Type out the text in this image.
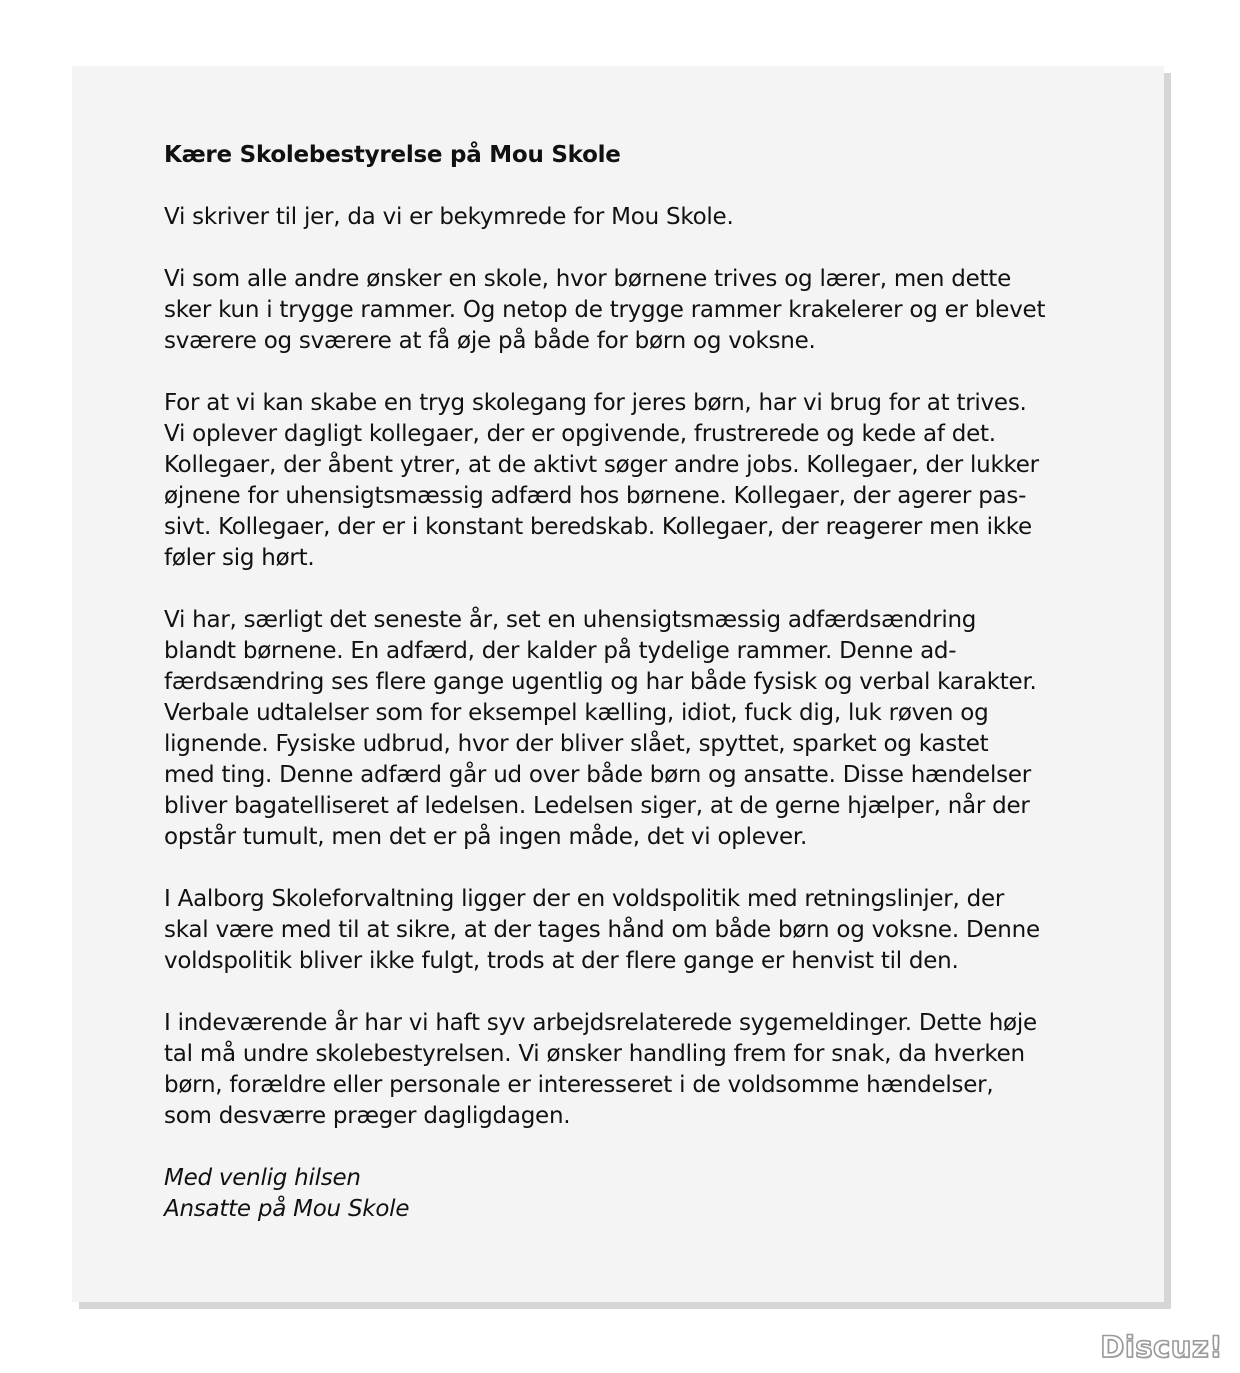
Kære Skolebestyrelse på Mou Skole

Vi skriver til jer, da vi er bekymrede for Mou Skole.

Vi som alle andre ønsker en skole, hvor børnene trives og lærer, men dette
sker kun i trygge rammer. Og netop de trygge rammer krakelerer og er blevet
sværere og sværere at få øje på både for børn og voksne.

For at vi kan skabe en tryg skolegang for jeres børn, har vi brug for at trives.
Vi oplever dagligt kollegaer, der er opgivende, frustrerede og kede af det.
Kollegaer, der åbent ytrer, at de aktivt søger andre jobs. Kollegaer, der lukker
øjnene for uhensigtsmæssig adfærd hos børnene. Kollegaer, der agerer pas-
sivt. Kollegaer, der er i konstant beredskab. Kollegaer, der reagerer men ikke
føler sig hørt.

Vi har, særligt det seneste år, set en uhensigtsmæssig adfærdsændring
blandt børnene. En adfærd, der kalder på tydelige rammer. Denne ad-
færdsændring ses flere gange ugentlig og har både fysisk og verbal karakter.
Verbale udtalelser som for eksempel kælling, idiot, fuck dig, luk røven og
lignende. Fysiske udbrud, hvor der bliver slået, spyttet, sparket og kastet
med ting. Denne adfærd går ud over både børn og ansatte. Disse hændelser
bliver bagatelliseret af ledelsen. Ledelsen siger, at de gerne hjælper, når der
opstår tumult, men det er på ingen måde, det vi oplever.

I Aalborg Skoleforvaltning ligger der en voldspolitik med retningslinjer, der
skal være med til at sikre, at der tages hånd om både børn og voksne. Denne
voldspolitik bliver ikke fulgt, trods at der flere gange er henvist til den.

I indeværende år har vi haft syv arbejdsrelaterede sygemeldinger. Dette høje
tal må undre skolebestyrelsen. Vi ønsker handling frem for snak, da hverken
børn, forældre eller personale er interesseret i de voldsomme hændelser,
som desværre præger dagligdagen.

Med venlig hilsen
Ansatte på Mou Skole

Discuz!
